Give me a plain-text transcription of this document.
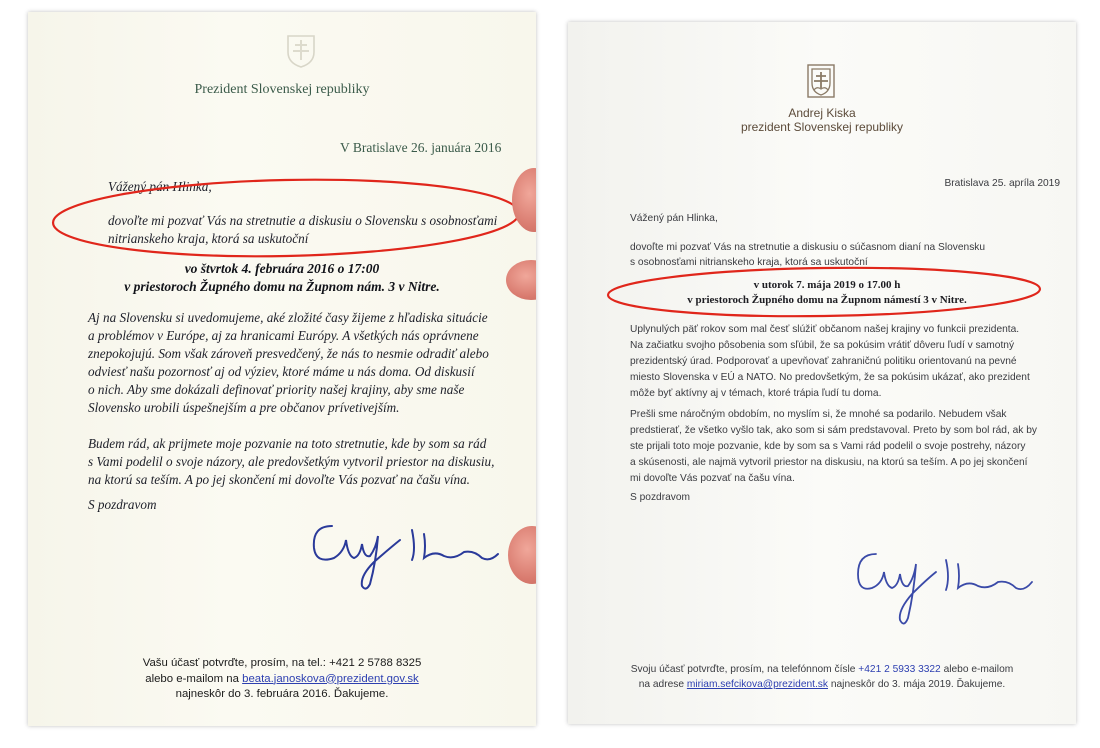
Prezident Slovenskej republiky
V Bratislave 26. januára 2016
Vážený pán Hlinka,
dovoľte mi pozvať Vás na stretnutie a diskusiu o Slovensku s osobnosťami
nitrianskeho kraja, ktorá sa uskutoční
vo štvrtok 4. februára 2016 o 17:00
v priestoroch Župného domu na Župnom nám. 3 v Nitre.
Aj na Slovensku si uvedomujeme, aké zložité časy žijeme z hľadiska situácie
a problémov v Európe, aj za hranicami Európy. A všetkých nás oprávnene
znepokojujú. Som však zároveň presvedčený, že nás to nesmie odradiť alebo
odviesť našu pozornosť aj od výziev, ktoré máme u nás doma. Od diskusií
o nich. Aby sme dokázali definovať priority našej krajiny, aby sme naše
Slovensko urobili úspešnejším a pre občanov prívetivejším.
Budem rád, ak prijmete moje pozvanie na toto stretnutie, kde by som sa rád
s Vami podelil o svoje názory, ale predovšetkým vytvoril priestor na diskusiu,
na ktorú sa teším. A po jej skončení mi dovoľte Vás pozvať na čašu vína.
S pozdravom
Vašu účasť potvrďte, prosím, na tel.: +421 2 5788 8325
alebo e-mailom na beata.janoskova@prezident.gov.sk
najneskôr do 3. februára 2016. Ďakujeme.
Andrej Kiska
prezident Slovenskej republiky
Bratislava 25. apríla 2019
Vážený pán Hlinka,
dovoľte mi pozvať Vás na stretnutie a diskusiu o súčasnom dianí na Slovensku
s osobnosťami nitrianskeho kraja, ktorá sa uskutoční
v utorok 7. mája 2019 o 17.00 h
v priestoroch Župného domu na Župnom námestí 3 v Nitre.
Uplynulých päť rokov som mal česť slúžiť občanom našej krajiny vo funkcii prezidenta.
Na začiatku svojho pôsobenia som sľúbil, že sa pokúsim vrátiť dôveru ľudí v samotný
prezidentský úrad. Podporovať a upevňovať zahraničnú politiku orientovanú na pevné
miesto Slovenska v EÚ a NATO. No predovšetkým, že sa pokúsim ukázať, ako prezident
môže byť aktívny aj v témach, ktoré trápia ľudí tu doma.
Prešli sme náročným obdobím, no myslím si, že mnohé sa podarilo. Nebudem však
predstierať, že všetko vyšlo tak, ako som si sám predstavoval. Preto by som bol rád, ak by
ste prijali toto moje pozvanie, kde by som sa s Vami rád podelil o svoje postrehy, názory
a skúsenosti, ale najmä vytvoril priestor na diskusiu, na ktorú sa teším. A po jej skončení
mi dovoľte Vás pozvať na čašu vína.
S pozdravom
Svoju účasť potvrďte, prosím, na telefónnom čísle +421 2 5933 3322 alebo e-mailom
na adrese miriam.sefcikova@prezident.sk najneskôr do 3. mája 2019. Ďakujeme.
